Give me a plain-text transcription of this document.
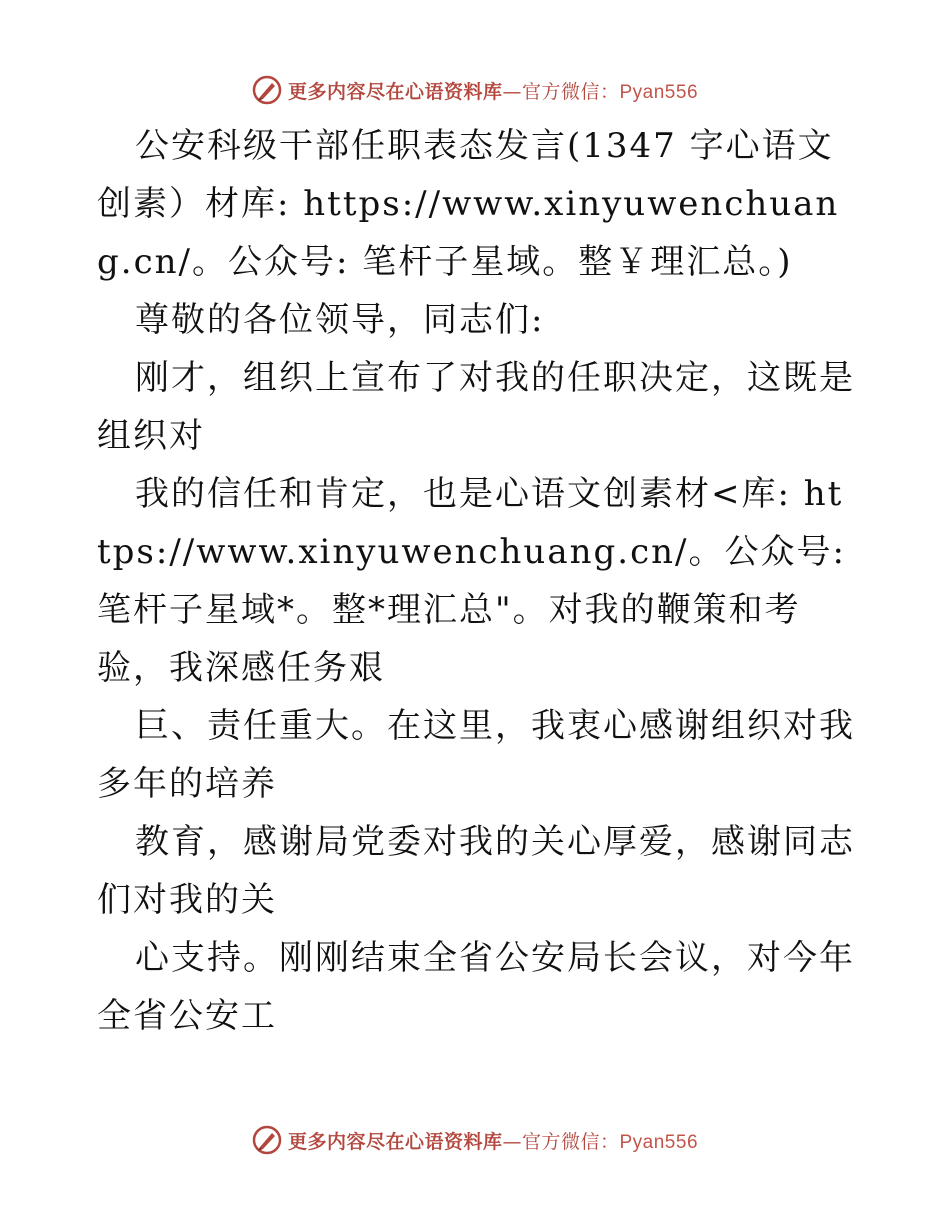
更多内容尽在心语资料库—官方微信：Pyan556

公安科级干部任职表态发言(1347 字心语文创素）材库: https://www.xinyuwenchuang.cn/。公众号: 笔杆子星域。整￥理汇总。)

尊敬的各位领导，同志们:

刚才，组织上宣布了对我的任职决定，这既是组织对

我的信任和肯定，也是心语文创素材<库: https://www.xinyuwenchuang.cn/。公众号: 笔杆子星域*。整*理汇总"。对我的鞭策和考验，我深感任务艰

巨、责任重大。在这里，我衷心感谢组织对我多年的培养

教育，感谢局党委对我的关心厚爱，感谢同志们对我的关

心支持。刚刚结束全省公安局长会议，对今年全省公安工

更多内容尽在心语资料库—官方微信：Pyan556
